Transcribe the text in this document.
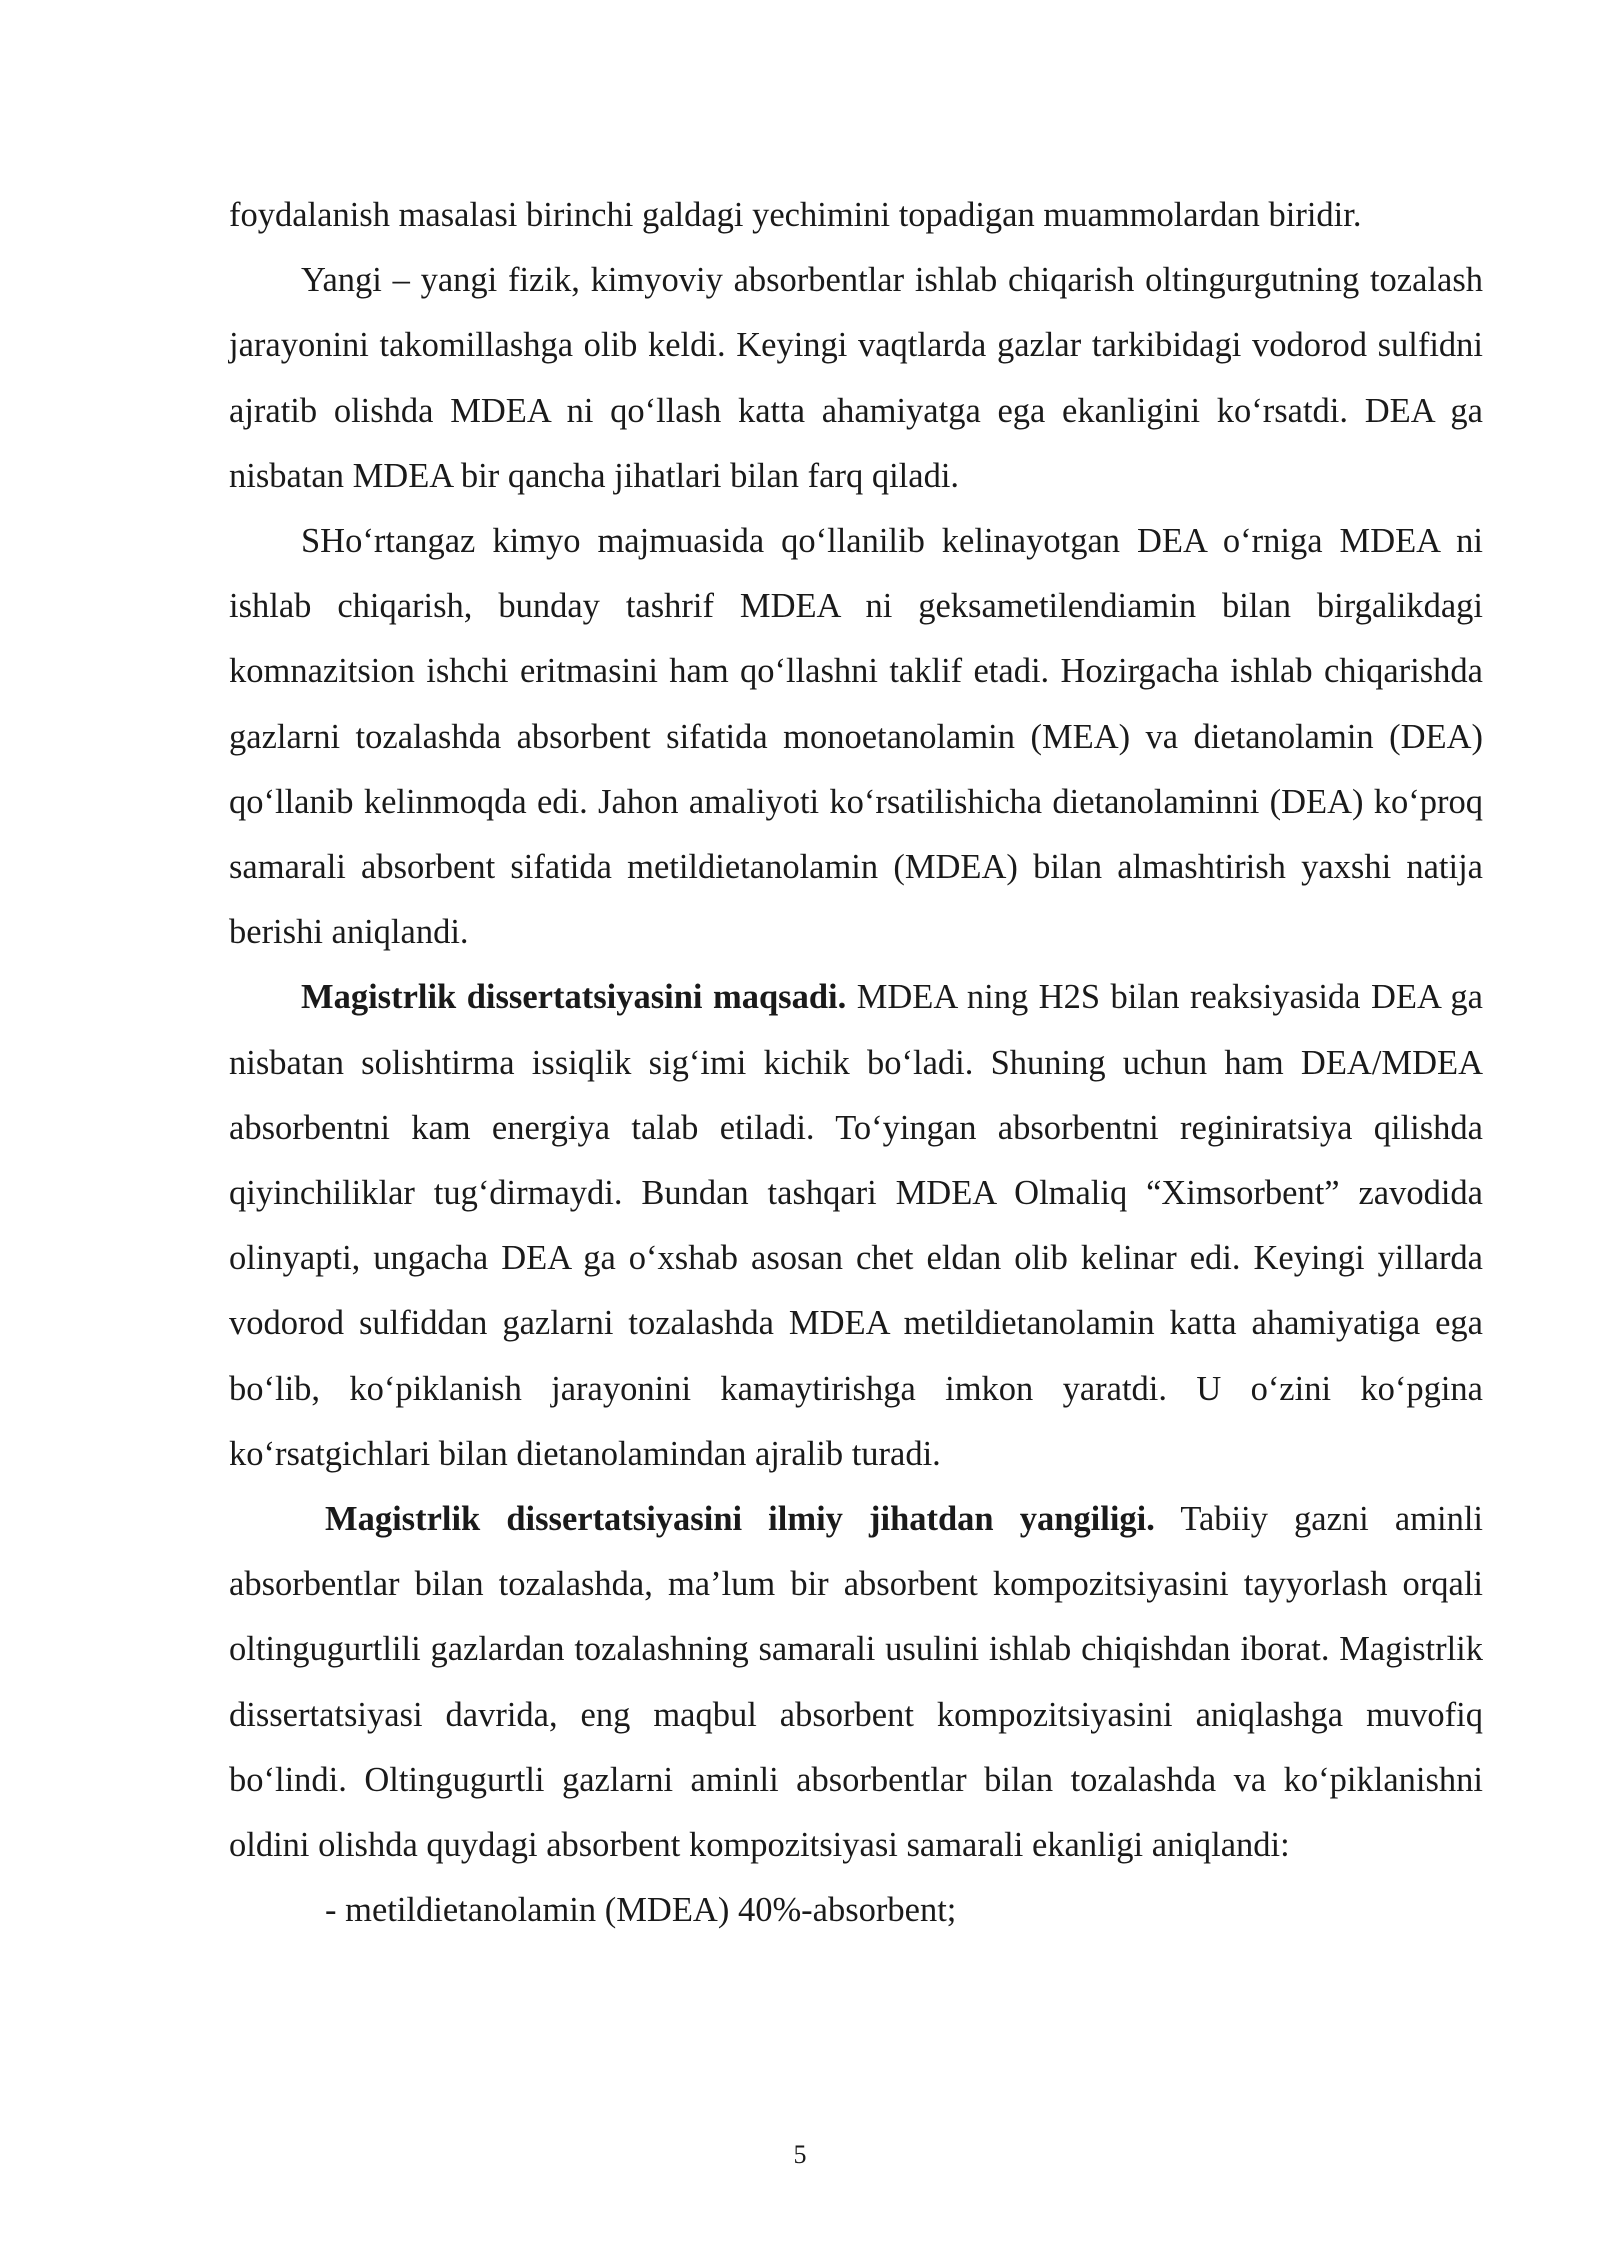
foydalanish masalasi birinchi galdagi yechimini topadigan muammolardan biridir.

Yangi – yangi fizik, kimyoviy absorbentlar ishlab chiqarish oltingurgutning tozalash jarayonini takomillashga olib keldi. Keyingi vaqtlarda gazlar tarkibidagi vodorod sulfidni ajratib olishda MDEA ni qo‘llash katta ahamiyatga ega ekanligini ko‘rsatdi. DEA ga nisbatan MDEA bir qancha jihatlari bilan farq qiladi.

SHo‘rtangaz kimyo majmuasida qo‘llanilib kelinayotgan DEA o‘rniga MDEA ni ishlab chiqarish, bunday tashrif MDEA ni geksametilendiamin bilan birgalikdagi komnazitsion ishchi eritmasini ham qo‘llashni taklif etadi. Hozirgacha ishlab chiqarishda gazlarni tozalashda absorbent sifatida monoetanolamin (MEA) va dietanolamin (DEA) qo‘llanib kelinmoqda edi. Jahon amaliyoti ko‘rsatilishicha dietanolaminni (DEA) ko‘proq samarali absorbent sifatida metildietanolamin (MDEA) bilan almashtirish yaxshi natija berishi aniqlandi.

Magistrlik dissertatsiyasini maqsadi. MDEA ning H2S bilan reaksiyasida DEA ga nisbatan solishtirma issiqlik sig‘imi kichik bo‘ladi. Shuning uchun ham DEA/MDEA absorbentni kam energiya talab etiladi. To‘yingan absorbentni reginiratsiya qilishda qiyinchiliklar tug‘dirmaydi. Bundan tashqari MDEA Olmaliq “Ximsorbent” zavodida olinyapti, ungacha DEA ga o‘xshab asosan chet eldan olib kelinar edi. Keyingi yillarda vodorod sulfiddan gazlarni tozalashda MDEA metildietanolamin katta ahamiyatiga ega bo‘lib, ko‘piklanish jarayonini kamaytirishga imkon yaratdi. U o‘zini ko‘pgina ko‘rsatgichlari bilan dietanolamindan ajralib turadi.

Magistrlik dissertatsiyasini ilmiy jihatdan yangiligi. Tabiiy gazni aminli absorbentlar bilan tozalashda, ma’lum bir absorbent kompozitsiyasini tayyorlash orqali oltingugurtlili gazlardan tozalashning samarali usulini ishlab chiqishdan iborat. Magistrlik dissertatsiyasi davrida, eng maqbul absorbent kompozitsiyasini aniqlashga muvofiq bo‘lindi. Oltingugurtli gazlarni aminli absorbentlar bilan tozalashda va ko‘piklanishni oldini olishda quydagi absorbent kompozitsiyasi samarali ekanligi aniqlandi:

- metildietanolamin (MDEA) 40%-absorbent;

5
